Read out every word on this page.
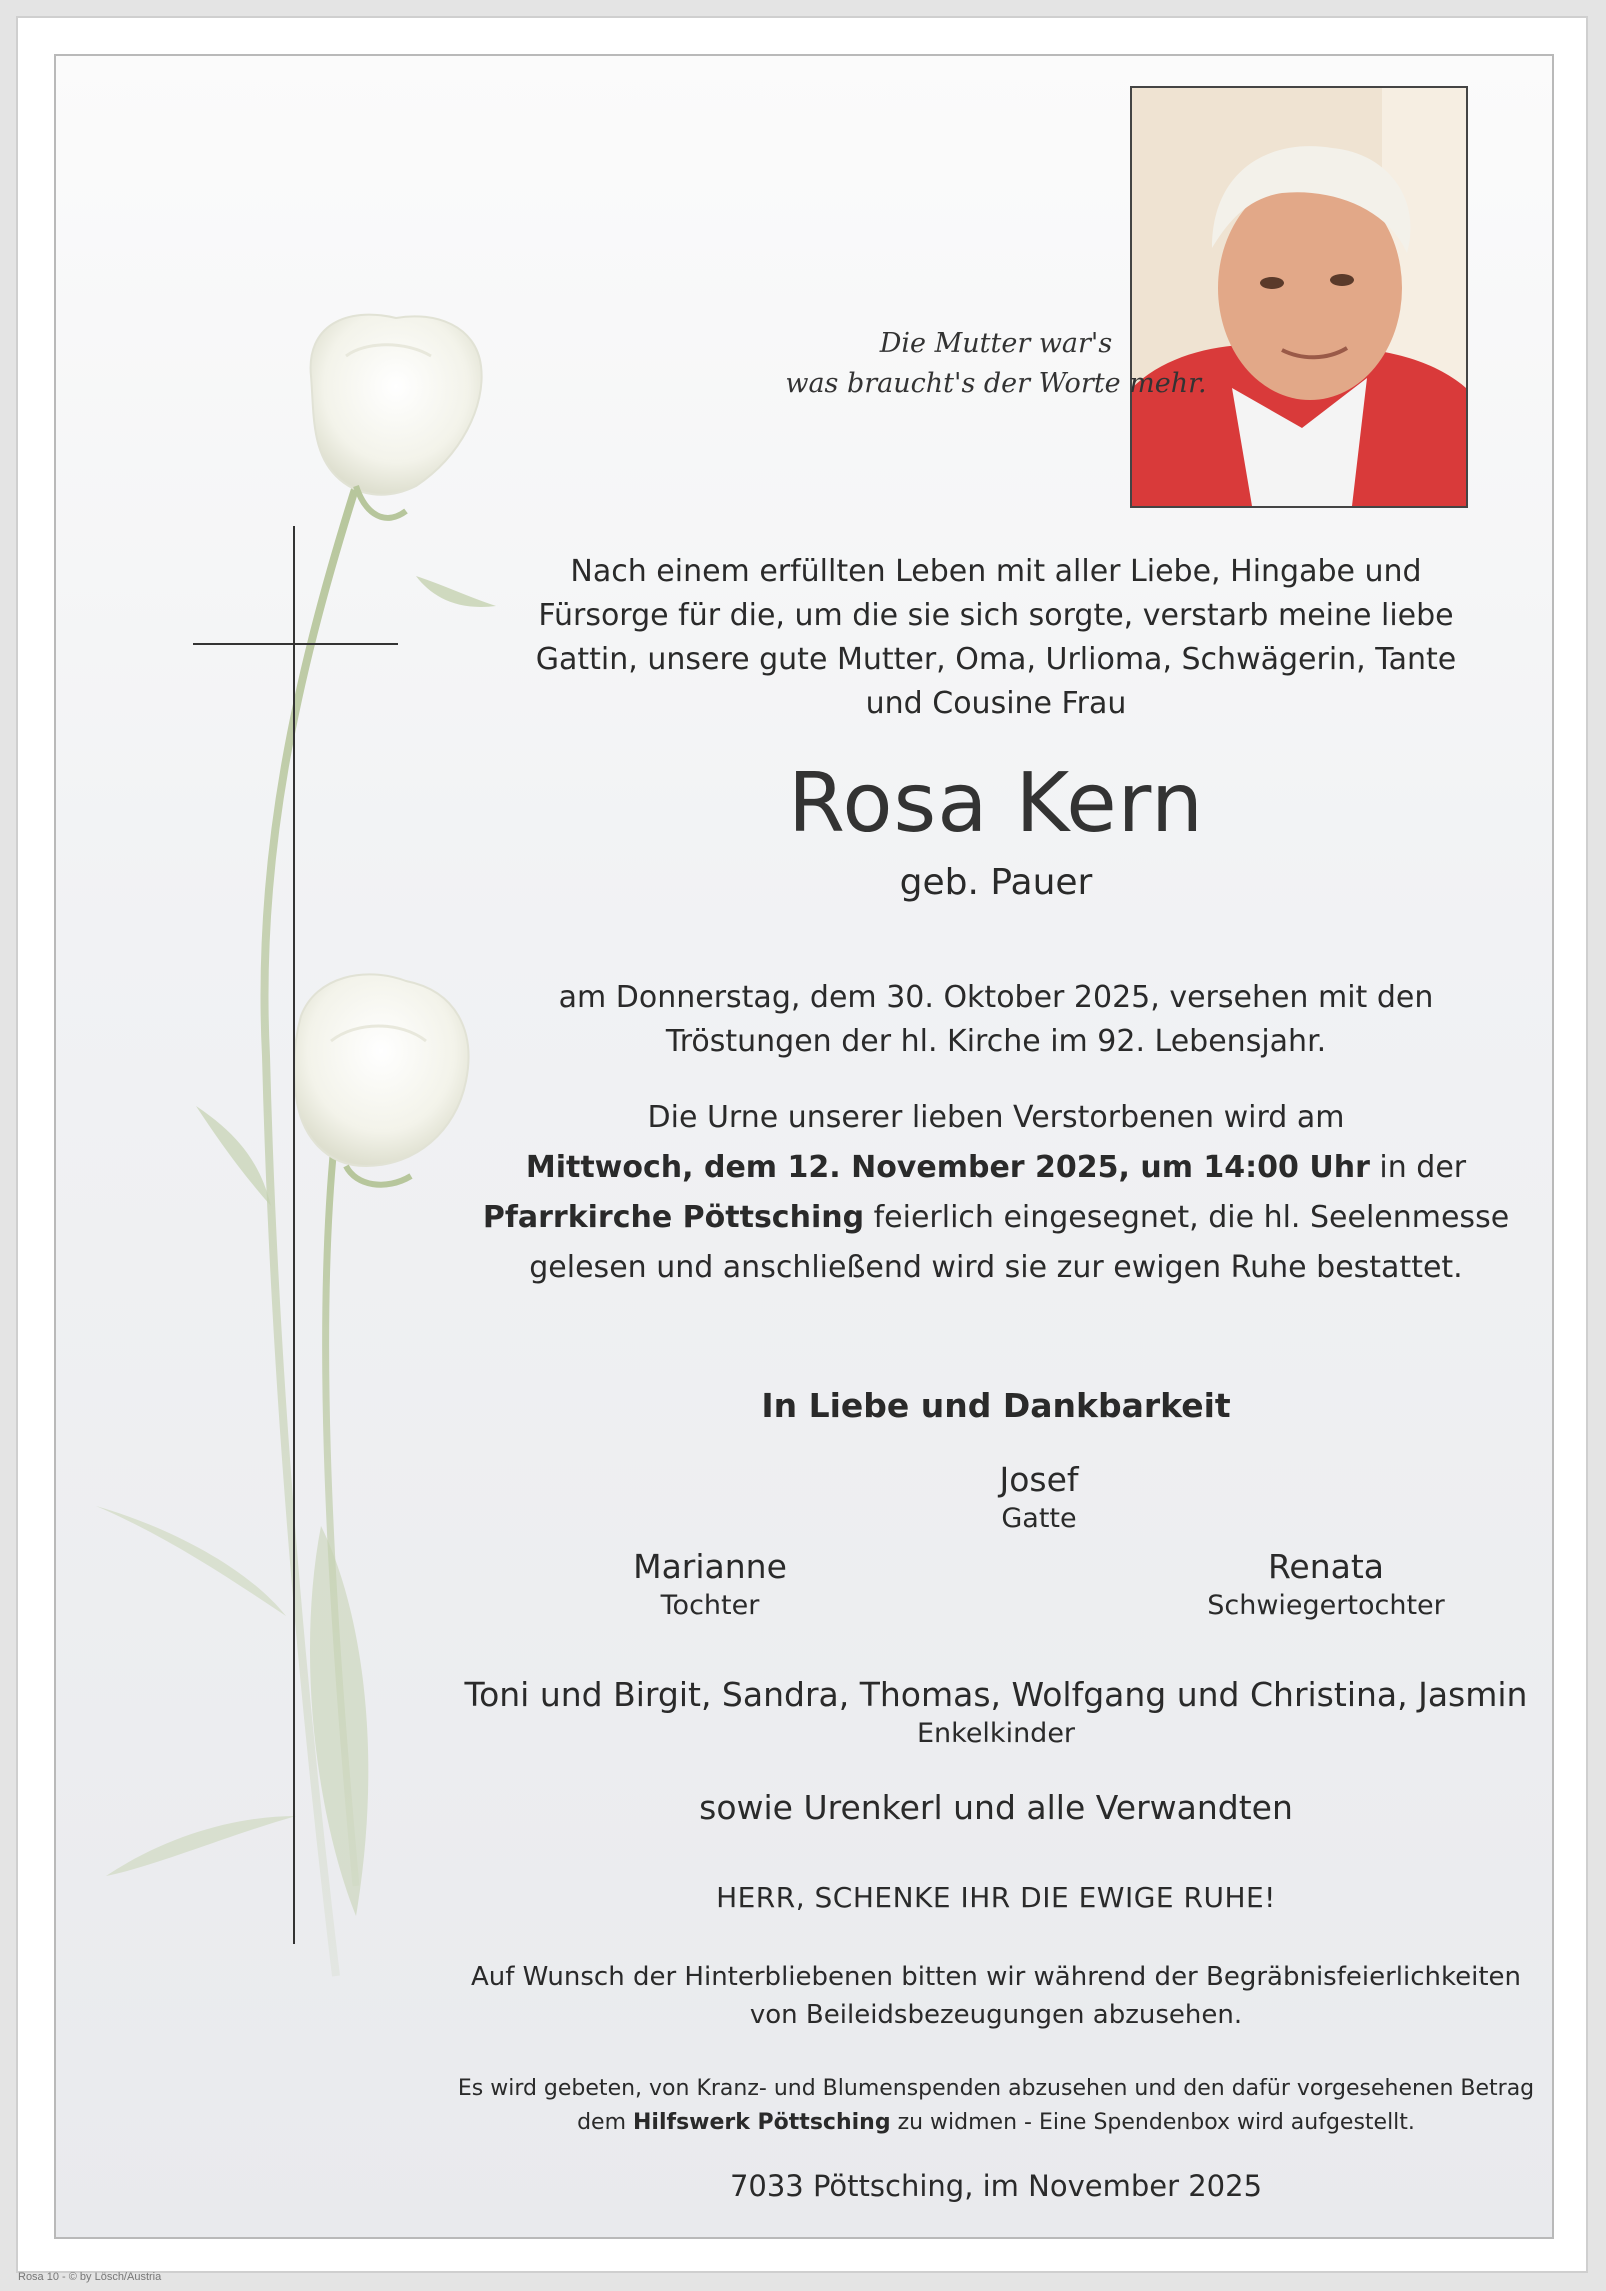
Die Mutter war's

was braucht's der Worte mehr.

Nach einem erfüllten Leben mit aller Liebe, Hingabe und

Fürsorge für die, um die sie sich sorgte, verstarb meine liebe

Gattin, unsere gute Mutter, Oma, Urlioma, Schwägerin, Tante

und Cousine Frau

Rosa Kern
geb. Pauer

am Donnerstag, dem 30. Oktober 2025, versehen mit den

Tröstungen der hl. Kirche im 92. Lebensjahr.

Die Urne unserer lieben Verstorbenen wird am

Mittwoch, dem 12. November 2025, um 14:00 Uhr in der

Pfarrkirche Pöttsching feierlich eingesegnet, die hl. Seelenmesse

gelesen und anschließend wird sie zur ewigen Ruhe bestattet.

In Liebe und Dankbarkeit
Josef
Gatte
Marianne
Tochter
Renata
Schwiegertochter

Toni und Birgit, Sandra, Thomas, Wolfgang und Christina, Jasmin

Enkelkinder

sowie Urenkerl und alle Verwandten
HERR, SCHENKE IHR DIE EWIGE RUHE!

Auf Wunsch der Hinterbliebenen bitten wir während der Begräbnisfeierlichkeiten

von Beileidsbezeugungen abzusehen.

Es wird gebeten, von Kranz- und Blumenspenden abzusehen und den dafür vorgesehenen Betrag

dem Hilfswerk Pöttsching zu widmen - Eine Spendenbox wird aufgestellt.

7033 Pöttsching, im November 2025
Rosa 10 - © by Lösch/Austria
